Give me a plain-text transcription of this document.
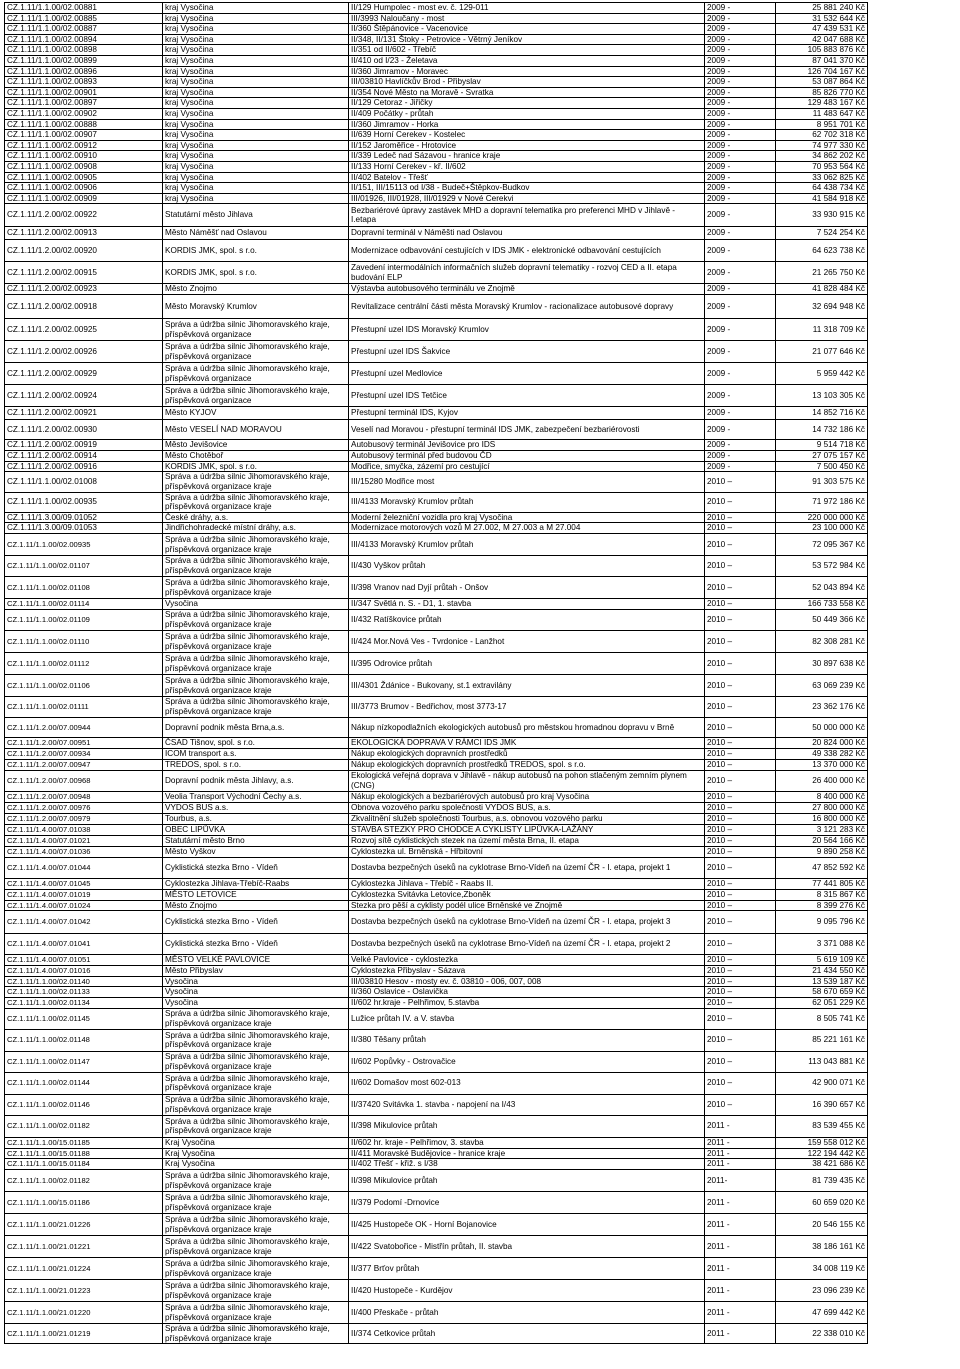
CZ.1.11/1.1.00/02.00881	kraj Vysočina	II/129 Humpolec - most ev. č. 129-011	2009 -	25 881 240 Kč
CZ.1.11/1.1.00/02.00885	kraj Vysočina	III/3993 Naloučany - most	2009 -	31 532 644 Kč
CZ.1.11/1.1.00/02.00887	kraj Vysočina	II/360 Štěpánovice - Vacenovice	2009 -	47 439 531 Kč
CZ.1.11/1.1.00/02.00894	kraj Vysočina	II/348, II/131 Štoky - Petrovice - Větrný Jeníkov	2009 -	42 047 688 Kč
CZ.1.11/1.1.00/02.00898	kraj Vysočina	II/351 od II/602 - Třebíč	2009 -	105 883 876 Kč
CZ.1.11/1.1.00/02.00899	kraj Vysočina	II/410 od I/23 - Želetava	2009 -	87 041 370 Kč
CZ.1.11/1.1.00/02.00896	kraj Vysočina	II/360 Jimramov - Moravec	2009 -	126 704 167 Kč
CZ.1.11/1.1.00/02.00893	kraj Vysočina	III/03810 Havlíčkův Brod - Přibyslav	2009 -	53 087 864 Kč
CZ.1.11/1.1.00/02.00901	kraj Vysočina	II/354 Nové Město na Moravě - Svratka	2009 -	85 826 770 Kč
CZ.1.11/1.1.00/02.00897	kraj Vysočina	II/129 Cetoraz - Jiřičky	2009 -	129 483 167 Kč
CZ.1.11/1.1.00/02.00902	kraj Vysočina	II/409 Počátky - průtah	2009 -	11 483 647 Kč
CZ.1.11/1.1.00/02.00888	kraj Vysočina	II/360 Jimramov - Horka	2009 -	8 951 701 Kč
CZ.1.11/1.1.00/02.00907	kraj Vysočina	II/639 Horní Cerekev - Kostelec	2009 -	62 702 318 Kč
CZ.1.11/1.1.00/02.00912	kraj Vysočina	II/152 Jaroměřice - Hrotovice	2009 -	74 977 330 Kč
CZ.1.11/1.1.00/02.00910	kraj Vysočina	II/339 Ledeč nad Sázavou - hranice kraje	2009 -	34 862 202 Kč
CZ.1.11/1.1.00/02.00908	kraj Vysočina	II/133 Horní Cerekev - kř. II/602	2009 -	70 953 564 Kč
CZ.1.11/1.1.00/02.00905	kraj Vysočina	II/402 Batelov - Třešť	2009 -	33 062 825 Kč
CZ.1.11/1.1.00/02.00906	kraj Vysočina	II/151, III/15113 od I/38 - Budeč+Štěpkov-Budkov	2009 -	64 438 734 Kč
CZ.1.11/1.1.00/02.00909	kraj Vysočina	III/01926, III/01928, III/01929 v Nové Cerekvi	2009 -	41 584 918 Kč
CZ.1.11/1.2.00/02.00922	Statutární město Jihlava	Bezbariérové úpravy zastávek MHD a dopravní telematika pro preferenci MHD v Jihlavě - I.etapa	2009 -	33 930 915 Kč
CZ.1.11/1.2.00/02.00913	Město Náměšť nad Oslavou	Dopravní terminál v Náměšti nad Oslavou	2009 -	7 524 254 Kč
CZ.1.11/1.2.00/02.00920	KORDIS JMK, spol. s r.o.	Modernizace odbavování cestujících v IDS JMK - elektronické odbavování cestujících	2009 -	64 623 738 Kč
CZ.1.11/1.2.00/02.00915	KORDIS JMK, spol. s r.o.	Zavedení intermodálních informačních služeb dopravní telematiky - rozvoj CED a II. etapa budování ELP	2009 -	21 265 750 Kč
CZ.1.11/1.2.00/02.00923	Město Znojmo	Výstavba autobusového terminálu ve Znojmě	2009 -	41 828 484 Kč
CZ.1.11/1.2.00/02.00918	Město Moravský Krumlov	Revitalizace centrální části města Moravský Krumlov - racionalizace autobusové dopravy	2009 -	32 694 948 Kč
CZ.1.11/1.2.00/02.00925	Správa a údržba silnic Jihomoravského kraje, příspěvková organizace	Přestupní uzel IDS Moravský Krumlov	2009 -	11 318 709 Kč
CZ.1.11/1.2.00/02.00926	Správa a údržba silnic Jihomoravského kraje, příspěvková organizace	Přestupní uzel IDS Šakvice	2009 -	21 077 646 Kč
CZ.1.11/1.2.00/02.00929	Správa a údržba silnic Jihomoravského kraje, příspěvková organizace	Přestupní uzel Medlovice	2009 -	5 959 442 Kč
CZ.1.11/1.2.00/02.00924	Správa a údržba silnic Jihomoravského kraje, příspěvková organizace	Přestupní uzel IDS Tetčice	2009 -	13 103 305 Kč
CZ.1.11/1.2.00/02.00921	Město KYJOV	Přestupní terminál IDS, Kyjov	2009 -	14 852 716 Kč
CZ.1.11/1.2.00/02.00930	Město VESELÍ NAD MORAVOU	Veselí nad Moravou - přestupní terminál IDS JMK, zabezpečení bezbariérovosti	2009 -	14 732 186 Kč
CZ.1.11/1.2.00/02.00919	Město Jevišovice	Autobusový terminál Jevišovice pro IDS	2009 -	9 514 718 Kč
CZ.1.11/1.2.00/02.00914	Město Chotěboř	Autobusový terminál před budovou ČD	2009 -	27 075 157 Kč
CZ.1.11/1.2.00/02.00916	KORDIS JMK, spol. s r.o.	Modřice, smyčka, zázemí pro cestující	2009 -	7 500 450 Kč
CZ.1.11/1.1.00/02.01008	Správa a údržba silnic Jihomoravského kraje, příspěvková organizace kraje	III/15280 Modřice most	2010 –	91 303 575 Kč
CZ.1.11/1.1.00/02.00935	Správa a údržba silnic Jihomoravského kraje, příspěvková organizace kraje	III/4133 Moravský Krumlov průtah	2010 –	71 972 186 Kč
CZ.1.11/1.3.00/09.01052	České dráhy, a.s.	Moderní železniční vozidla pro kraj Vysočina	2010 –	220 000 000 Kč
CZ.1.11/1.3.00/09.01053	Jindřichohradecké místní dráhy, a.s.	Modernizace motorových vozů M 27.002, M 27.003 a M 27.004	2010 –	23 100 000 Kč
CZ.1.11/1.1.00/02.00935	Správa a údržba silnic Jihomoravského kraje, příspěvková organizace kraje	III/4133 Moravský Krumlov průtah	2010 –	72 095 367 Kč
CZ.1.11/1.1.00/02.01107	Správa a údržba silnic Jihomoravského kraje, příspěvková organizace kraje	II/430 Vyškov průtah	2010 –	53 572 984 Kč
CZ.1.11/1.1.00/02.01108	Správa a údržba silnic Jihomoravského kraje, příspěvková organizace kraje	II/398 Vranov nad Dyjí průtah - Onšov	2010 –	52 043 894 Kč
CZ.1.11/1.1.00/02.01114	Vysočina	II/347 Světlá n. S. - D1, 1. stavba	2010 –	166 733 558 Kč
CZ.1.11/1.1.00/02.01109	Správa a údržba silnic Jihomoravského kraje, příspěvková organizace kraje	II/432 Ratíškovice průtah	2010 –	50 449 366 Kč
CZ.1.11/1.1.00/02.01110	Správa a údržba silnic Jihomoravského kraje, příspěvková organizace kraje	II/424 Mor.Nová Ves - Tvrdonice - Lanžhot	2010 –	82 308 281 Kč
CZ.1.11/1.1.00/02.01112	Správa a údržba silnic Jihomoravského kraje, příspěvková organizace kraje	II/395 Odrovice průtah	2010 –	30 897 638 Kč
CZ.1.11/1.1.00/02.01106	Správa a údržba silnic Jihomoravského kraje, příspěvková organizace kraje	III/4301 Ždánice - Bukovany, st.1 extravilány	2010 –	63 069 239 Kč
CZ.1.11/1.1.00/02.01111	Správa a údržba silnic Jihomoravského kraje, příspěvková organizace kraje	III/3773 Brumov - Bedřichov, most 3773-17	2010 –	23 362 176 Kč
CZ.1.11/1.2.00/07.00944	Dopravní podnik města Brna,a.s.	Nákup nízkopodlažních ekologických autobusů pro městskou hromadnou dopravu v Brně	2010 –	50 000 000 Kč
CZ.1.11/1.2.00/07.00951	ČSAD Tišnov, spol. s r.o.	EKOLOGICKÁ DOPRAVA V RÁMCI IDS JMK	2010 –	20 824 000 Kč
CZ.1.11/1.2.00/07.00934	ICOM transport a.s.	Nákup ekologických dopravních prostředků	2010 –	49 338 282 Kč
CZ.1.11/1.2.00/07.00947	TREDOS, spol. s r.o.	Nákup ekologických dopravních prostředků TREDOS, spol. s r.o.	2010 –	13 370 000 Kč
CZ.1.11/1.2.00/07.00968	Dopravní podnik města Jihlavy, a.s.	Ekologická veřejná doprava v Jihlavě - nákup autobusů na pohon stlačeným zemním plynem (CNG)	2010 –	26 400 000 Kč
CZ.1.11/1.2.00/07.00948	Veolia Transport Východní Čechy a.s.	Nákup ekologických a bezbariérových autobusů pro kraj Vysočina	2010 –	8 400 000 Kč
CZ.1.11/1.2.00/07.00976	VYDOS BUS a.s.	Obnova vozového parku společnosti VYDOS BUS, a.s.	2010 –	27 800 000 Kč
CZ.1.11/1.2.00/07.00979	Tourbus, a.s.	Zkvalitnění služeb společnosti Tourbus, a.s. obnovou vozového parku	2010 –	16 800 000 Kč
CZ.1.11/1.4.00/07.01038	OBEC LIPŮVKA	STAVBA STEZKY PRO CHODCE A CYKLISTY LIPŮVKA-LAŽÁNY	2010 –	3 121 283 Kč
CZ.1.11/1.4.00/07.01021	Statutární město Brno	Rozvoj sítě cyklistických stezek na území města Brna, II. etapa	2010 –	20 564 166 Kč
CZ.1.11/1.4.00/07.01036	Město Vyškov	Cyklostezka ul. Brněnská - Hřbitovní	2010 –	9 890 258 Kč
CZ.1.11/1.4.00/07.01044	Cyklistická stezka Brno - Vídeň	Dostavba bezpečných úseků na cyklotrase Brno-Vídeň na území ČR - I. etapa, projekt 1	2010 –	47 852 592 Kč
CZ.1.11/1.4.00/07.01045	Cyklostezka Jihlava-Třebíč-Raabs	Cyklostezka Jihlava - Třebíč - Raabs II.	2010 –	77 441 805 Kč
CZ.1.11/1.4.00/07.01019	MĚSTO LETOVICE	Cyklostezka Svitávka Letovice,Zboněk	2010 –	8 315 867 Kč
CZ.1.11/1.4.00/07.01024	Město Znojmo	Stezka pro pěší a cyklisty podél ulice Brněnské ve Znojmě	2010 –	8 399 276 Kč
CZ.1.11/1.4.00/07.01042	Cyklistická stezka Brno - Vídeň	Dostavba bezpečných úseků na cyklotrase Brno-Vídeň na území ČR - I. etapa, projekt 3	2010 –	9 095 796 Kč
CZ.1.11/1.4.00/07.01041	Cyklistická stezka Brno - Vídeň	Dostavba bezpečných úseků na cyklotrase Brno-Vídeň na území ČR - I. etapa, projekt 2	2010 –	3 371 088 Kč
CZ.1.11/1.4.00/07.01051	MĚSTO VELKÉ PAVLOVICE	Velké Pavlovice - cyklostezka	2010 –	5 619 109 Kč
CZ.1.11/1.4.00/07.01016	Město Přibyslav	Cyklostezka Přibyslav - Sázava	2010 –	21 434 550 Kč
CZ.1.11/1.1.00/02.01140	Vysočina	III/03810 Hesov - mosty ev. č. 03810 - 006, 007, 008	2010 –	13 539 187 Kč
CZ.1.11/1.1.00/02.01133	Vysočina	II/360 Oslavice - Oslavička	2010 –	58 670 659 Kč
CZ.1.11/1.1.00/02.01134	Vysočina	II/602 hr.kraje - Pelhřimov, 5.stavba	2010 –	62 051 229 Kč
CZ.1.11/1.1.00/02.01145	Správa a údržba silnic Jihomoravského kraje, příspěvková organizace kraje	Lužice průtah IV. a V. stavba	2010 –	8 505 741 Kč
CZ.1.11/1.1.00/02.01148	Správa a údržba silnic Jihomoravského kraje, příspěvková organizace kraje	II/380 Těšany průtah	2010 –	85 221 161 Kč
CZ.1.11/1.1.00/02.01147	Správa a údržba silnic Jihomoravského kraje, příspěvková organizace kraje	II/602 Popůvky - Ostrovačice	2010 –	113 043 881 Kč
CZ.1.11/1.1.00/02.01144	Správa a údržba silnic Jihomoravského kraje, příspěvková organizace kraje	II/602 Domašov most 602-013	2010 –	42 900 071 Kč
CZ.1.11/1.1.00/02.01146	Správa a údržba silnic Jihomoravského kraje, příspěvková organizace kraje	II/37420 Svitávka 1. stavba - napojení na I/43	2010 –	16 390 657 Kč
CZ.1.11/1.1.00/02.01182	Správa a údržba silnic Jihomoravského kraje, příspěvková organizace kraje	II/398 Mikulovice průtah	2011 -	83 539 455 Kč
CZ.1.11/1.1.00/15.01185	Kraj Vysočina	II/602 hr. kraje - Pelhřimov, 3. stavba	2011 -	159 558 012 Kč
CZ.1.11/1.1.00/15.01188	Kraj Vysočina	II/411 Moravské Budějovice - hranice kraje	2011 -	122 194 442 Kč
CZ.1.11/1.1.00/15.01184	Kraj Vysočina	II/402 Třešť - křiž. s I/38	2011 -	38 421 686 Kč
CZ.1.11/1.1.00/02.01182	Správa a údržba silnic Jihomoravského kraje, příspěvková organizace kraje	II/398 Mikulovice průtah	2011-	81 739 435 Kč
CZ.1.11/1.1.00/15.01186	Správa a údržba silnic Jihomoravského kraje, příspěvková organizace kraje	II/379 Podomí -Drnovice	2011 -	60 659 020 Kč
CZ.1.11/1.1.00/21.01226	Správa a údržba silnic Jihomoravského kraje, příspěvková organizace kraje	II/425 Hustopeče OK - Horní Bojanovice	2011 -	20 546 155 Kč
CZ.1.11/1.1.00/21.01221	Správa a údržba silnic Jihomoravského kraje, příspěvková organizace kraje	II/422 Svatobořice - Mistřín průtah, II. stavba	2011 -	38 186 161 Kč
CZ.1.11/1.1.00/21.01224	Správa a údržba silnic Jihomoravského kraje, příspěvková organizace kraje	II/377 Brťov průtah	2011 -	34 008 119 Kč
CZ.1.11/1.1.00/21.01223	Správa a údržba silnic Jihomoravského kraje, příspěvková organizace kraje	II/420 Hustopeče - Kurdějov	2011 -	23 096 239 Kč
CZ.1.11/1.1.00/21.01220	Správa a údržba silnic Jihomoravského kraje, příspěvková organizace kraje	II/400 Přeskače - průtah	2011 -	47 699 442 Kč
CZ.1.11/1.1.00/21.01219	Správa a údržba silnic Jihomoravského kraje, příspěvková organizace kraje	II/374 Cetkovice průtah	2011 -	22 338 010 Kč
